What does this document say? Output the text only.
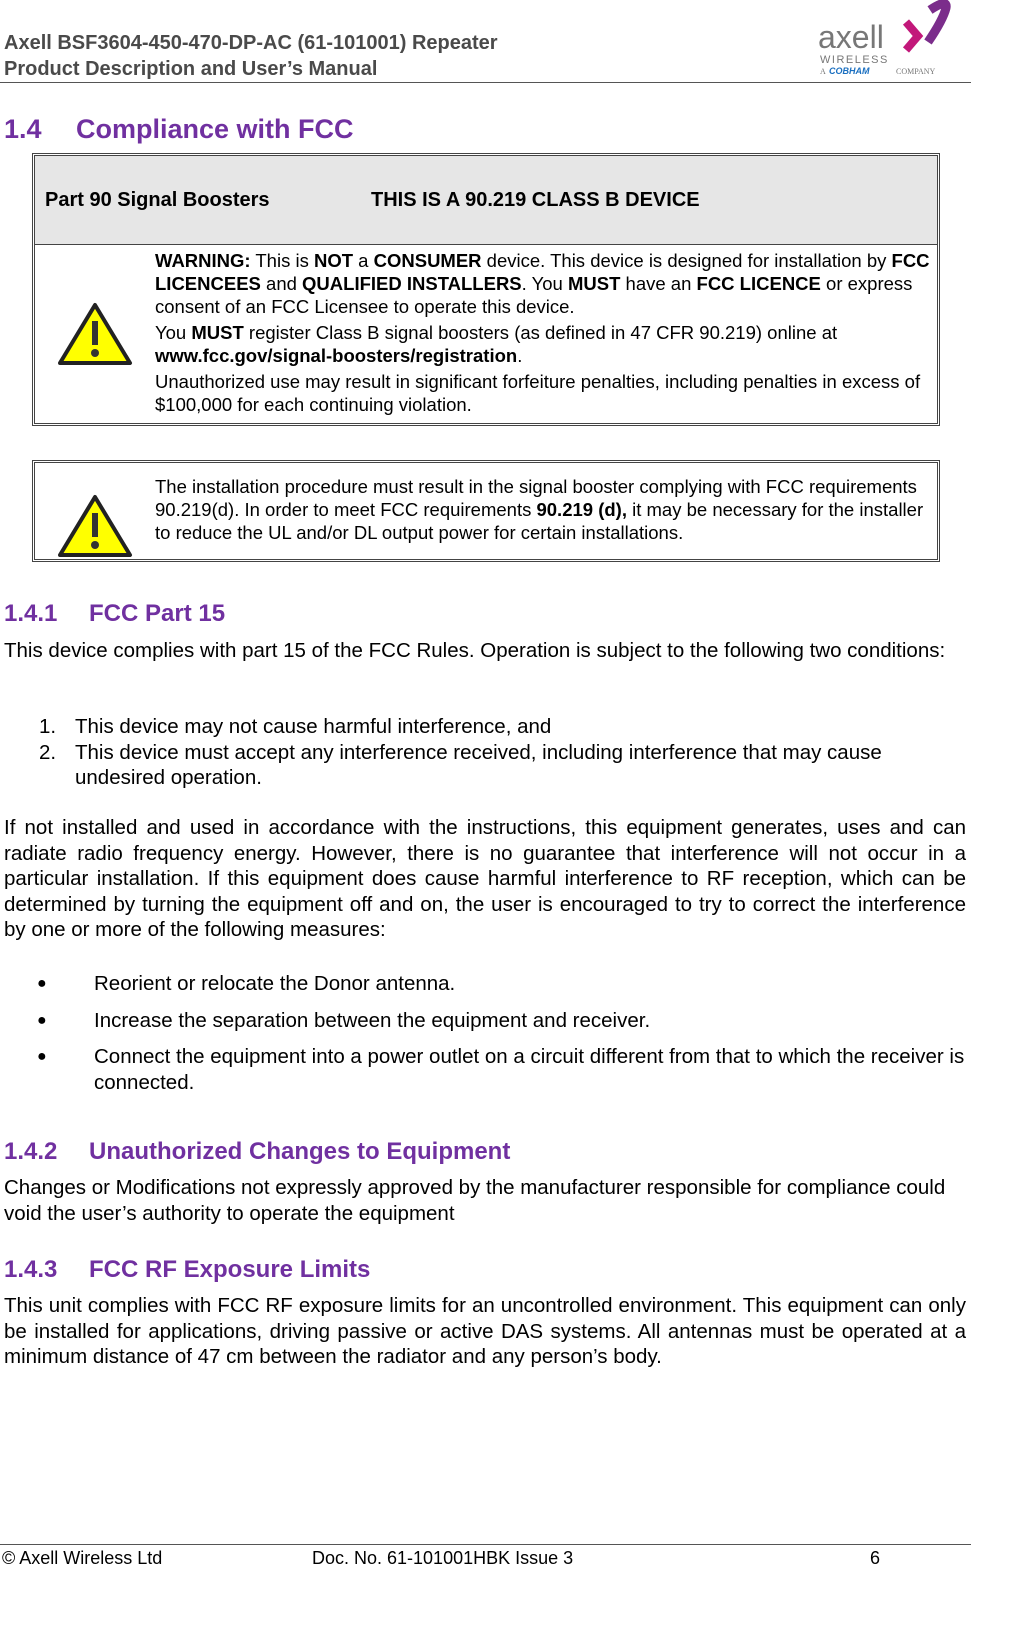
Axell BSF3604-450-470-DP-AC (61-101001) Repeater
Product Description and User’s Manual
axell
WIRELESS
A COBHAM	COMPANY
1.4 Compliance with FCC
Part 90 Signal Boosters	THIS IS A 90.219 CLASS B DEVICE

WARNING: This is NOT a CONSUMER device. This device is designed for installation by FCC LICENCEES and QUALIFIED INSTALLERS. You MUST have an FCC LICENCE or express consent of an FCC Licensee to operate this device.

You MUST register Class B signal boosters (as defined in 47 CFR 90.219) online at www.fcc.gov/signal-boosters/registration.

Unauthorized use may result in significant forfeiture penalties, including penalties in excess of $100,000 for each continuing violation.

The installation procedure must result in the signal booster complying with FCC requirements 90.219(d). In order to meet FCC requirements 90.219 (d), it may be necessary for the installer to reduce the UL and/or DL output power for certain installations.

1.4.1 FCC Part 15
This device complies with part 15 of the FCC Rules. Operation is subject to the following two conditions:
1. This device may not cause harmful interference, and
2. This device must accept any interference received, including interference that may cause undesired operation.
If not installed and used in accordance with the instructions, this equipment generates, uses and can radiate radio frequency energy. However, there is no guarantee that interference will not occur in a particular installation. If this equipment does cause harmful interference to RF reception, which can be determined by turning the equipment off and on, the user is encouraged to try to correct the interference by one or more of the following measures:
●	Reorient or relocate the Donor antenna.
●	Increase the separation between the equipment and receiver.
●	Connect the equipment into a power outlet on a circuit different from that to which the receiver is connected.
1.4.2 Unauthorized Changes to Equipment
Changes or Modifications not expressly approved by the manufacturer responsible for compliance could void the user’s authority to operate the equipment
1.4.3 FCC RF Exposure Limits
This unit complies with FCC RF exposure limits for an uncontrolled environment. This equipment can only be installed for applications, driving passive or active DAS systems. All antennas must be operated at a minimum distance of 47 cm between the radiator and any person’s body.
© Axell Wireless Ltd	Doc. No. 61-101001HBK Issue 3	6
